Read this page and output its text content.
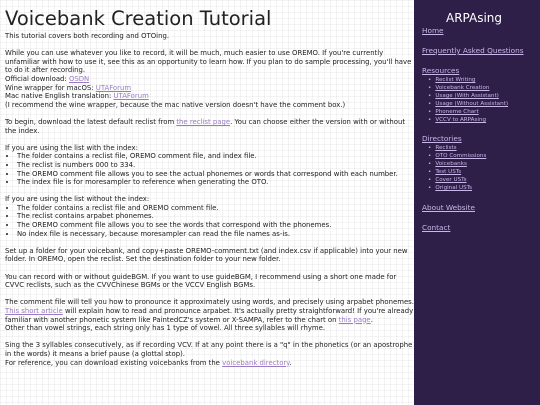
Voicebank Creation Tutorial

This tutorial covers both recording and OTOing.

While you can use whatever you like to record, it will be much, much easier to use OREMO. If you're currently unfamiliar with how to use it, see this as an opportunity to learn how. If you plan to do sample processing, you'll have to do it after recording.

Official download: OSDN

Wine wrapper for macOS: UTAForum

Mac native English translation: UTAForum

(I recommend the wine wrapper, because the mac native version doesn't have the comment box.)

To begin, download the latest default reclist from the reclist page. You can choose either the version with or without the index.

If you are using the list with the index:

• The folder contains a reclist file, OREMO comment file, and index file.
• The reclist is numbers 000 to 334.
• The OREMO comment file allows you to see the actual phonemes or words that correspond with each number.
• The index file is for moresampler to reference when generating the OTO.

If you are using the list without the index:

• The folder contains a reclist file and OREMO comment file.
• The reclist contains arpabet phonemes.
• The OREMO comment file allows you to see the words that correspond with the phonemes.
• No index file is necessary, because moresampler can read the file names as-is.

Set up a folder for your voicebank, and copy+paste OREMO-comment.txt (and index.csv if applicable) into your new folder. In OREMO, open the reclist. Set the destination folder to your new folder.

You can record with or without guideBGM. If you want to use guideBGM, I recommend using a short one made for CVVC reclists, such as the CVVChinese BGMs or the VCCV English BGMs.

The comment file will tell you how to pronounce it approximately using words, and precisely using arpabet phonemes. This short article will explain how to read and pronounce arpabet. It's actually pretty straightforward! If you're already familiar with another phonetic system like PaintedCZ's system or X-SAMPA, refer to the chart on this page.

Other than vowel strings, each string only has 1 type of vowel. All three syllables will rhyme.

Sing the 3 syllables consecutively, as if recording VCV. If at any point there is a "q" in the phonetics (or an apostrophe in the words) it means a brief pause (a glottal stop).

For reference, you can download existing voicebanks from the voicebank directory.

ARPAsing
Home
Frequently Asked Questions
Resources
• Reclist Writing
• Voicebank Creation
• Usage (With Assistant)
• Usage (Without Assistant)
• Phoneme Chart
• VCCV to ARPAsing
Directories
• Reclists
• OTO Commissions
• Voicebanks
• Test USTs
• Cover USTs
• Original USTs
About Website
Contact
